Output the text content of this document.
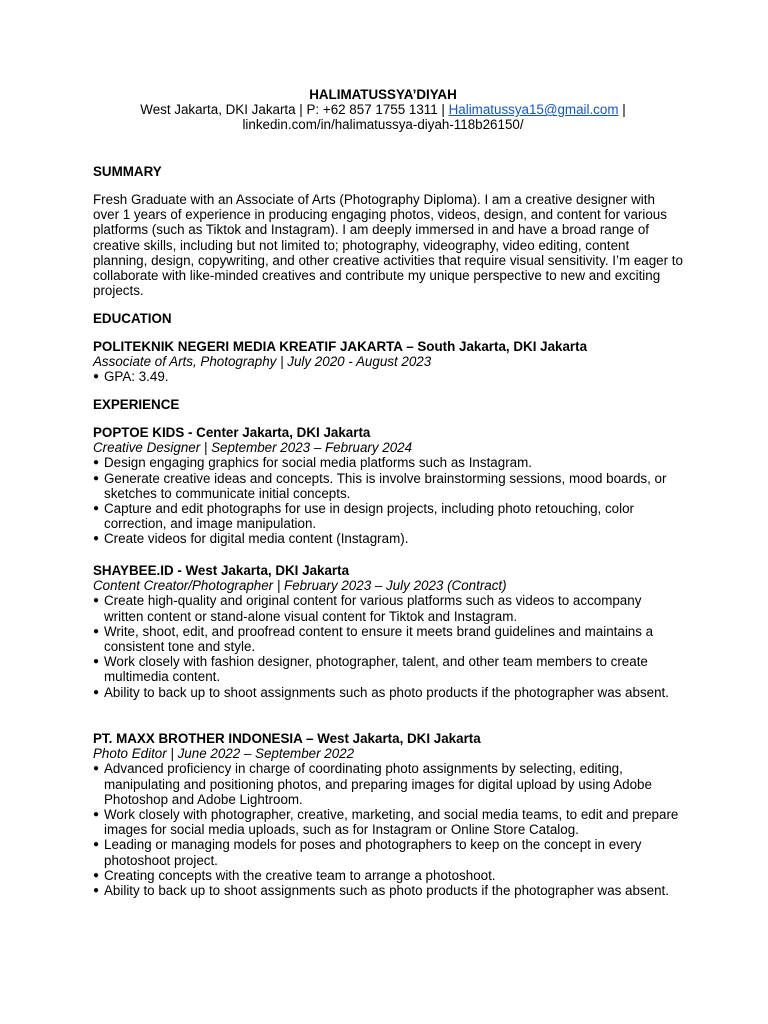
HALIMATUSSYA’DIYAH
West Jakarta, DKI Jakarta | P: +62 857 1755 1311 | Halimatussya15@gmail.com |
linkedin.com/in/halimatussya-diyah-118b26150/
SUMMARY

Fresh Graduate with an Associate of Arts (Photography Diploma). I am a creative designer with over 1 years of experience in producing engaging photos, videos, design, and content for various platforms (such as Tiktok and Instagram). I am deeply immersed in and have a broad range of creative skills, including but not limited to; photography, videography, video editing, content planning, design, copywriting, and other creative activities that require visual sensitivity. I’m eager to collaborate with like-minded creatives and contribute my unique perspective to new and exciting projects.

EDUCATION
POLITEKNIK NEGERI MEDIA KREATIF JAKARTA – South Jakarta, DKI Jakarta
Associate of Arts, Photography | July 2020 - August 2023
● GPA: 3.49.
EXPERIENCE
POPTOE KIDS - Center Jakarta, DKI Jakarta
Creative Designer | September 2023 – February 2024
● Design engaging graphics for social media platforms such as Instagram.
● Generate creative ideas and concepts. This is involve brainstorming sessions, mood boards, or sketches to communicate initial concepts.
● Capture and edit photographs for use in design projects, including photo retouching, color correction, and image manipulation.
● Create videos for digital media content (Instagram).
SHAYBEE.ID - West Jakarta, DKI Jakarta
Content Creator/Photographer | February 2023 – July 2023 (Contract)
● Create high-quality and original content for various platforms such as videos to accompany written content or stand-alone visual content for Tiktok and Instagram.
● Write, shoot, edit, and proofread content to ensure it meets brand guidelines and maintains a consistent tone and style.
● Work closely with fashion designer, photographer, talent, and other team members to create multimedia content.
● Ability to back up to shoot assignments such as photo products if the photographer was absent.
PT. MAXX BROTHER INDONESIA – West Jakarta, DKI Jakarta
Photo Editor | June 2022 – September 2022
● Advanced proficiency in charge of coordinating photo assignments by selecting, editing, manipulating and positioning photos, and preparing images for digital upload by using Adobe Photoshop and Adobe Lightroom.
● Work closely with photographer, creative, marketing, and social media teams, to edit and prepare images for social media uploads, such as for Instagram or Online Store Catalog.
● Leading or managing models for poses and photographers to keep on the concept in every photoshoot project.
● Creating concepts with the creative team to arrange a photoshoot.
● Ability to back up to shoot assignments such as photo products if the photographer was absent.
